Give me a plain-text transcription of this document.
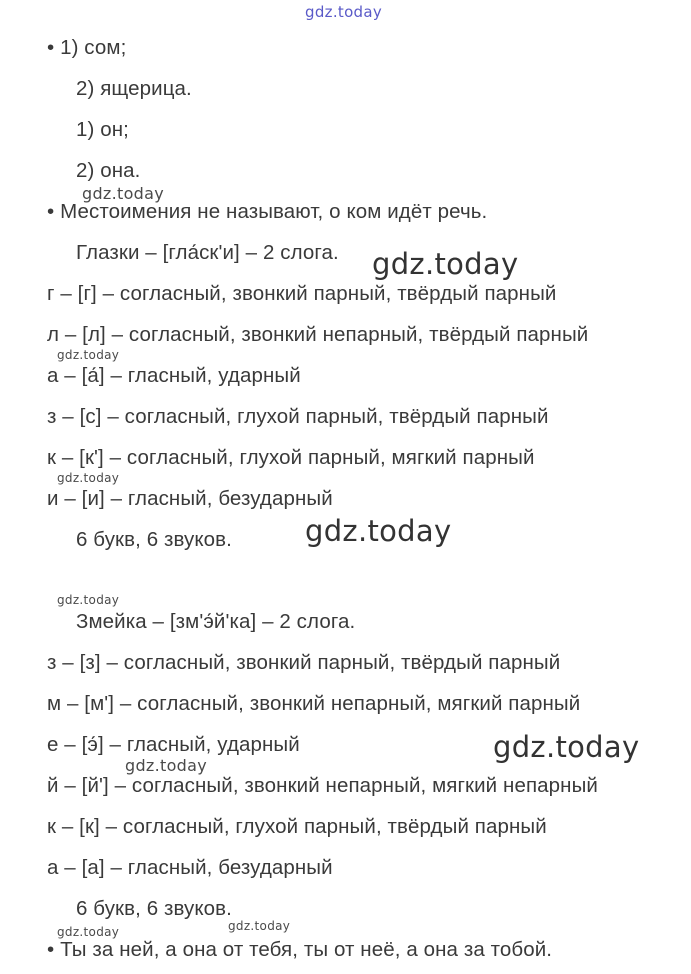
• 1) сом;
2) ящерица.
1) он;
2) она.
• Местоимения не называют, о ком идёт речь.
Глазки – [гла́ск'и] – 2 слога.
г – [г] – согласный, звонкий парный, твёрдый парный
л – [л] – согласный, звонкий непарный, твёрдый парный
а – [а́] – гласный, ударный
з – [с] – согласный, глухой парный, твёрдый парный
к – [к'] – согласный, глухой парный, мягкий парный
и – [и] – гласный, безударный
6 букв, 6 звуков.
Змейка – [зм'э́й'ка] – 2 слога.
з – [з] – согласный, звонкий парный, твёрдый парный
м – [м'] – согласный, звонкий непарный, мягкий парный
е – [э́] – гласный, ударный
й – [й'] – согласный, звонкий непарный, мягкий непарный
к – [к] – согласный, глухой парный, твёрдый парный
а – [а] – гласный, безударный
6 букв, 6 звуков.
• Ты за ней, а она от тебя, ты от неё, а она за тобой.
gdz.today
gdz.today
gdz.today
gdz.today
gdz.today
gdz.today
gdz.today
gdz.today
gdz.today
gdz.today	gdz.today
